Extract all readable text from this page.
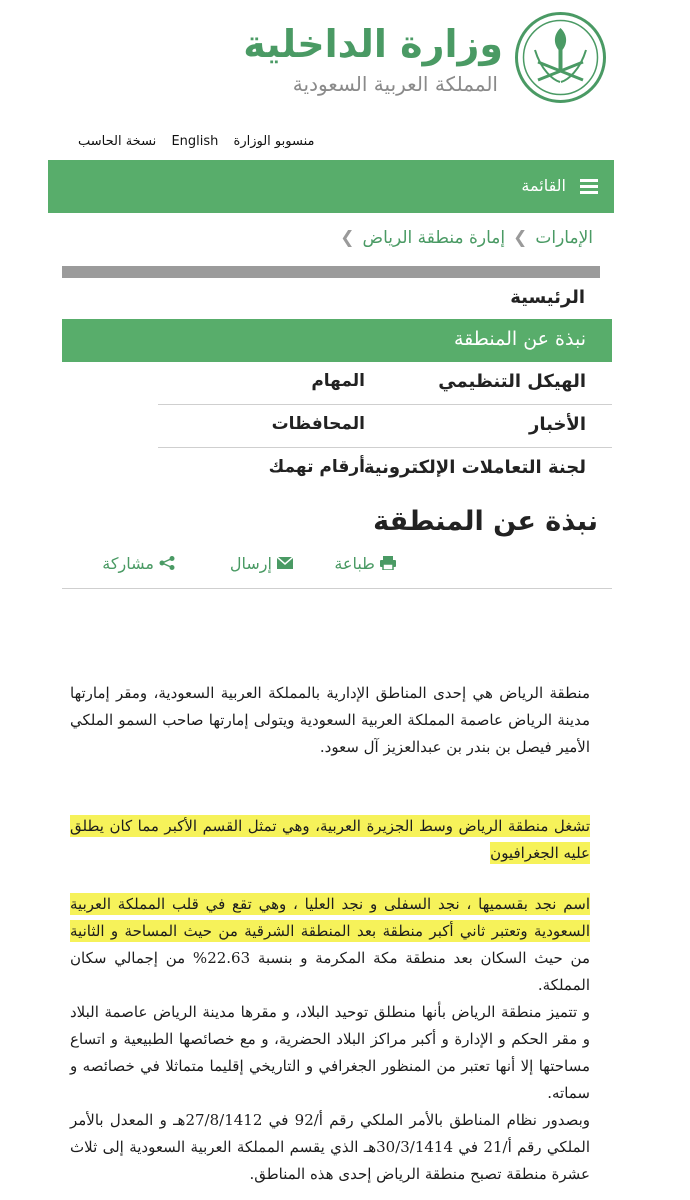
وزارة الداخلية
المملكة العربية السعودية
نسخة الحاسب English منسوبو الوزارة
القائمة
الإمارات❯إمارة منطقة الرياض❯
الرئيسية
نبذة عن المنطقة
الهيكل التنظيمي
المهام
الأخبار
المحافظات
لجنة التعاملات الإلكترونية
أرقام تهمك
نبذة عن المنطقة
طباعة
إرسال
مشاركة

منطقة الرياض هي إحدى المناطق الإدارية بالمملكة العربية السعودية، ومقر إمارتها مدينة الرياض عاصمة المملكة العربية السعودية ويتولى إمارتها صاحب السمو الملكي الأمير فيصل بن بندر بن عبدالعزيز آل سعود.

تشغل منطقة الرياض وسط الجزيرة العربية، وهي تمثل القسم الأكبر مما كان يطلق عليه الجغرافيون

اسم نجد بقسميها ، نجد السفلى و نجد العليا ، وهي تقع في قلب المملكة العربية السعودية وتعتبر ثاني أكبر منطقة بعد المنطقة الشرقية من حيث المساحة و الثانية من حيث السكان بعد منطقة مكة المكرمة و بنسبة 22.63% من إجمالي سكان المملكة.

و تتميز منطقة الرياض بأنها منطلق توحيد البلاد، و مقرها مدينة الرياض عاصمة البلاد و مقر الحكم و الإدارة و أكبر مراكز البلاد الحضرية، و مع خصائصها الطبيعية و اتساع مساحتها إلا أنها تعتبر من المنظور الجغرافي و التاريخي إقليما متماثلا في خصائصه و سماته.

وبصدور نظام المناطق بالأمر الملكي رقم أ/92 في 27/8/1412هـ و المعدل بالأمر الملكي رقم أ/21 في 30/3/1414هـ الذي يقسم المملكة العربية السعودية إلى ثلاث عشرة منطقة تصبح منطقة الرياض إحدى هذه المناطق.
